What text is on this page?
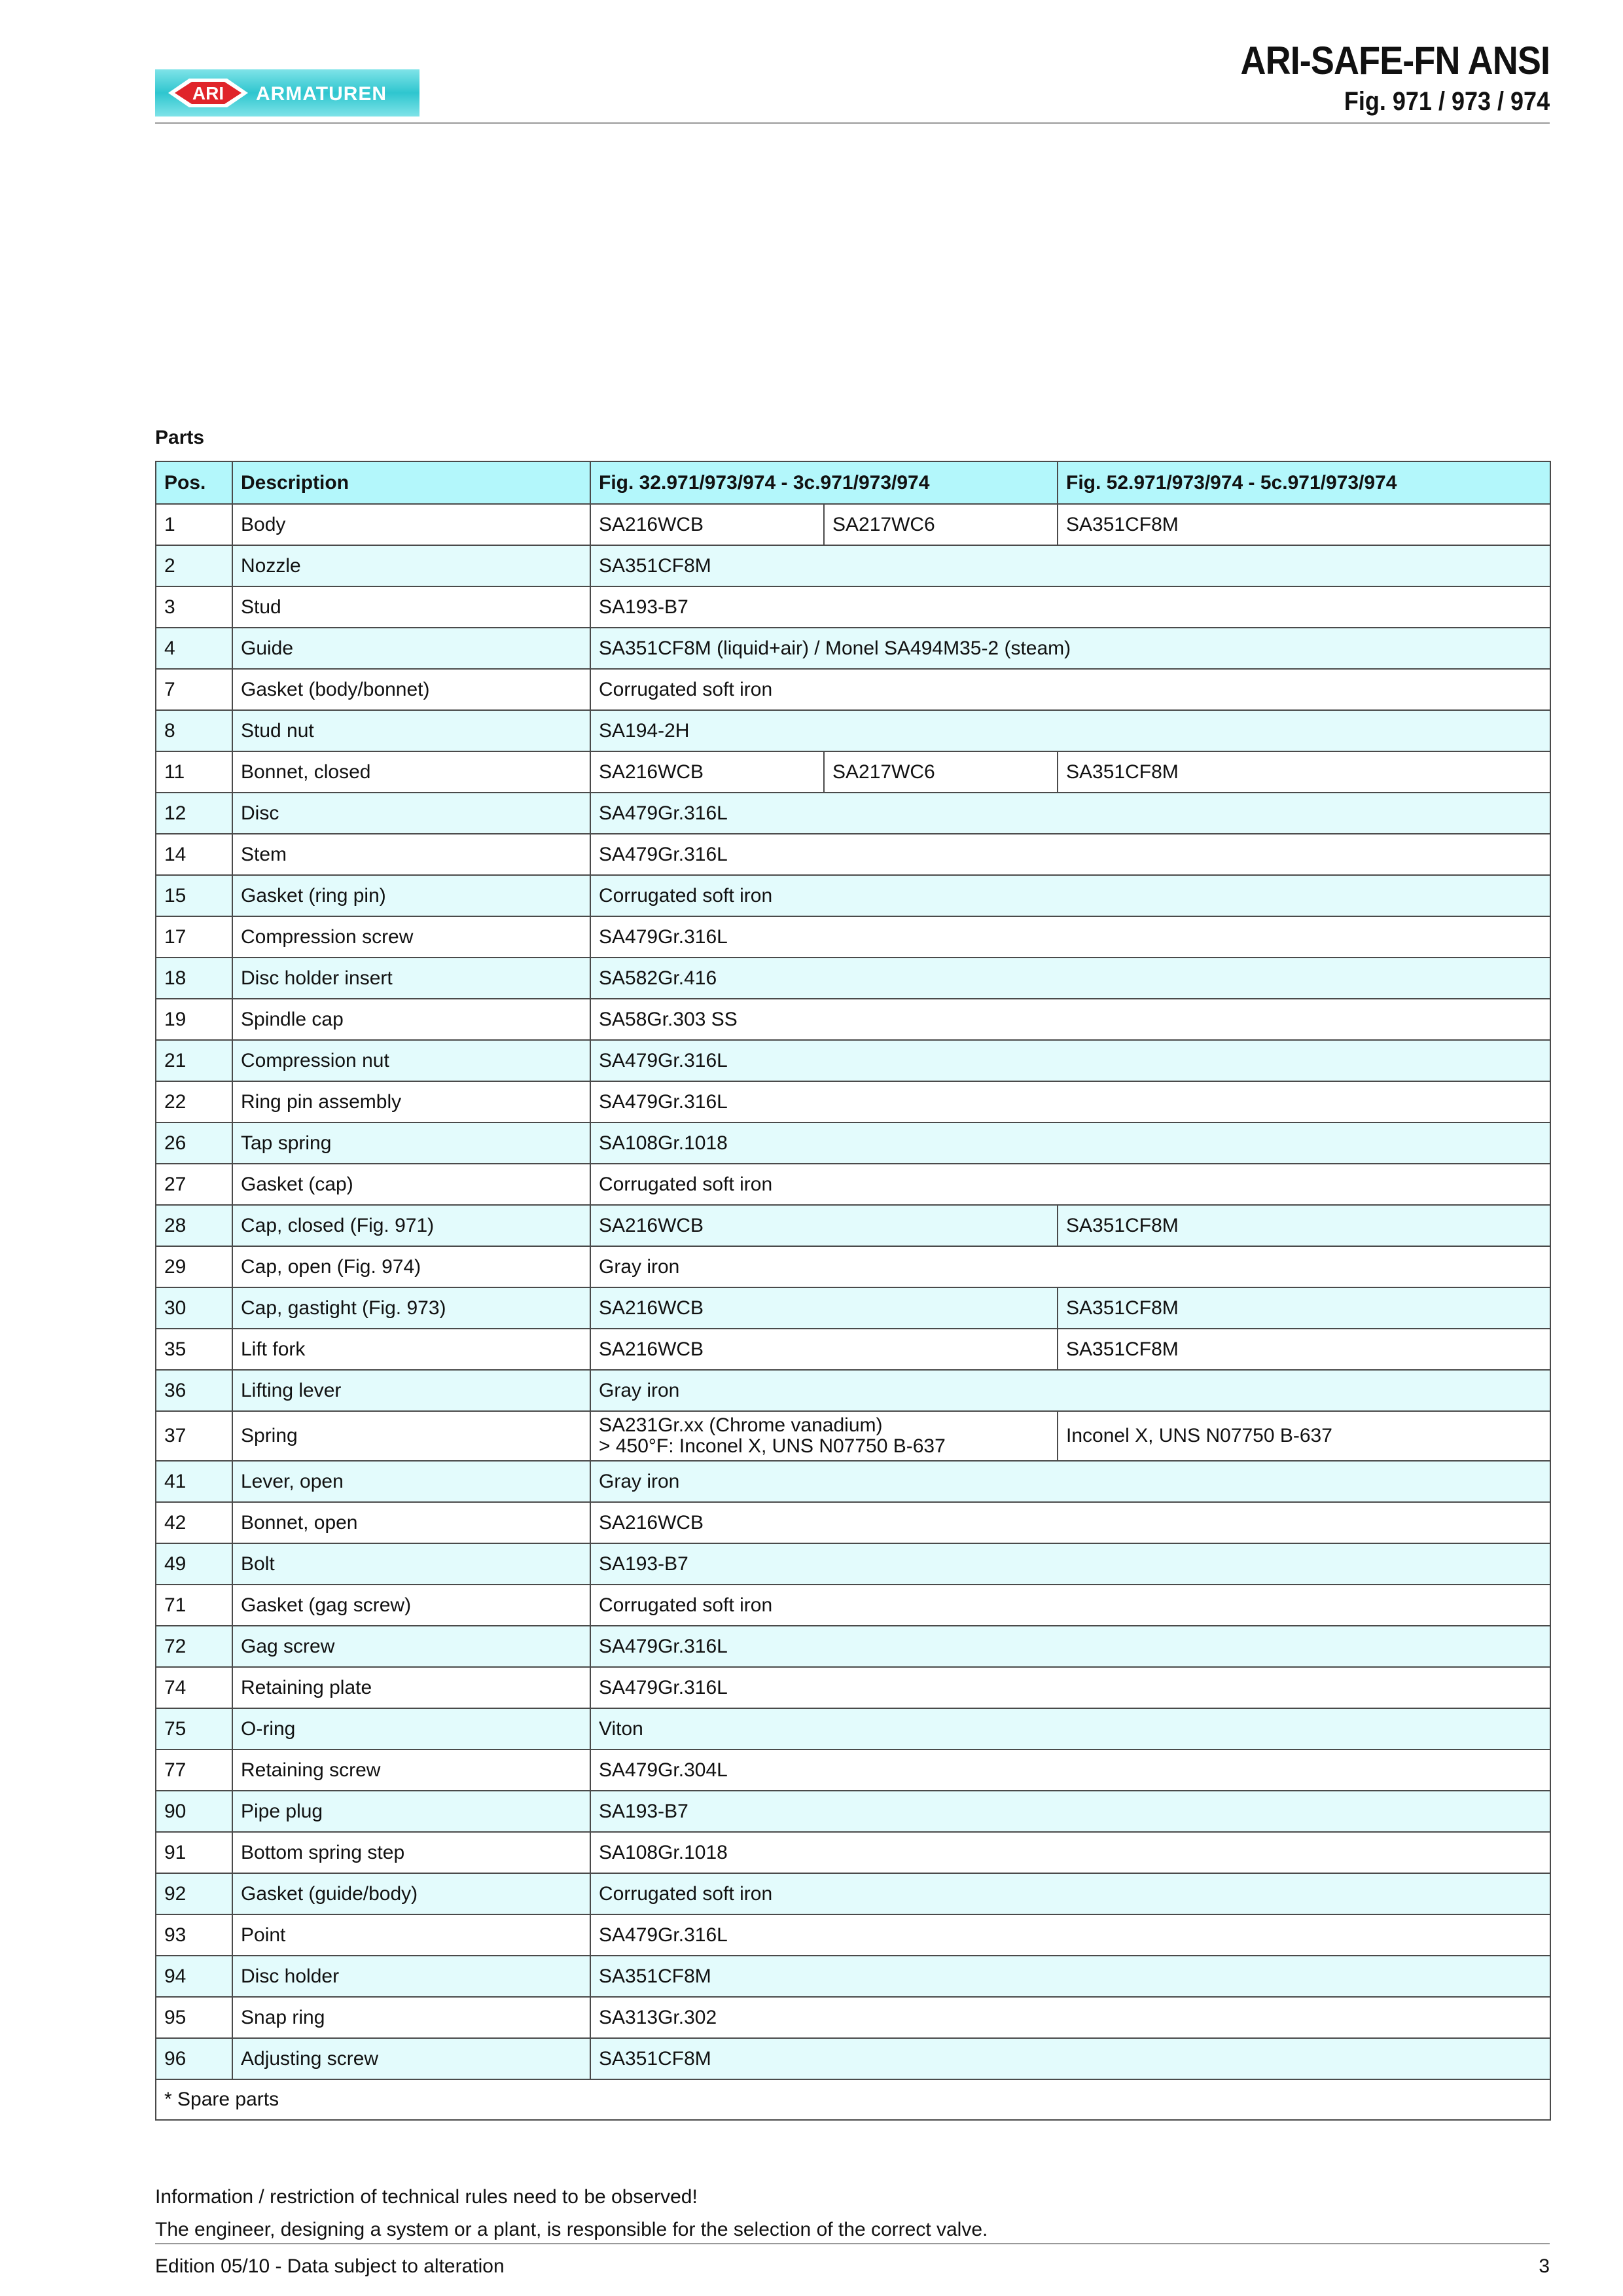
ARI ARMATUREN
ARI-SAFE-FN ANSI
Fig. 971 / 973 / 974
Parts
Pos.	Description	Fig. 32.971/973/974 - 3c.971/973/974		Fig. 52.971/973/974 - 5c.971/973/974
1	Body	SA216WCB	SA217WC6	SA351CF8M
2	Nozzle	SA351CF8M		
3	Stud	SA193-B7		
4	Guide	SA351CF8M (liquid+air) / Monel SA494M35-2 (steam)		
7	Gasket (body/bonnet)	Corrugated soft iron		
8	Stud nut	SA194-2H		
11	Bonnet, closed	SA216WCB	SA217WC6	SA351CF8M
12	Disc	SA479Gr.316L		
14	Stem	SA479Gr.316L		
15	Gasket (ring pin)	Corrugated soft iron		
17	Compression screw	SA479Gr.316L		
18	Disc holder insert	SA582Gr.416		
19	Spindle cap	SA58Gr.303 SS		
21	Compression nut	SA479Gr.316L		
22	Ring pin assembly	SA479Gr.316L		
26	Tap spring	SA108Gr.1018		
27	Gasket (cap)	Corrugated soft iron		
28	Cap, closed (Fig. 971)	SA216WCB		SA351CF8M
29	Cap, open (Fig. 974)	Gray iron		
30	Cap, gastight (Fig. 973)	SA216WCB		SA351CF8M
35	Lift fork	SA216WCB		SA351CF8M
36	Lifting lever	Gray iron		
37	Spring	SA231Gr.xx (Chrome vanadium)
> 450°F: Inconel X, UNS N07750 B-637		Inconel X, UNS N07750 B-637
41	Lever, open	Gray iron		
42	Bonnet, open	SA216WCB		
49	Bolt	SA193-B7		
71	Gasket (gag screw)	Corrugated soft iron		
72	Gag screw	SA479Gr.316L		
74	Retaining plate	SA479Gr.316L		
75	O-ring	Viton		
77	Retaining screw	SA479Gr.304L		
90	Pipe plug	SA193-B7		
91	Bottom spring step	SA108Gr.1018		
92	Gasket (guide/body)	Corrugated soft iron		
93	Point	SA479Gr.316L		
94	Disc holder	SA351CF8M		
95	Snap ring	SA313Gr.302		
96	Adjusting screw	SA351CF8M		
* Spare parts				
Information / restriction of technical rules need to be observed!
The engineer, designing a system or a plant, is responsible for the selection of the correct valve.
Edition 05/10 - Data subject to alteration	3
